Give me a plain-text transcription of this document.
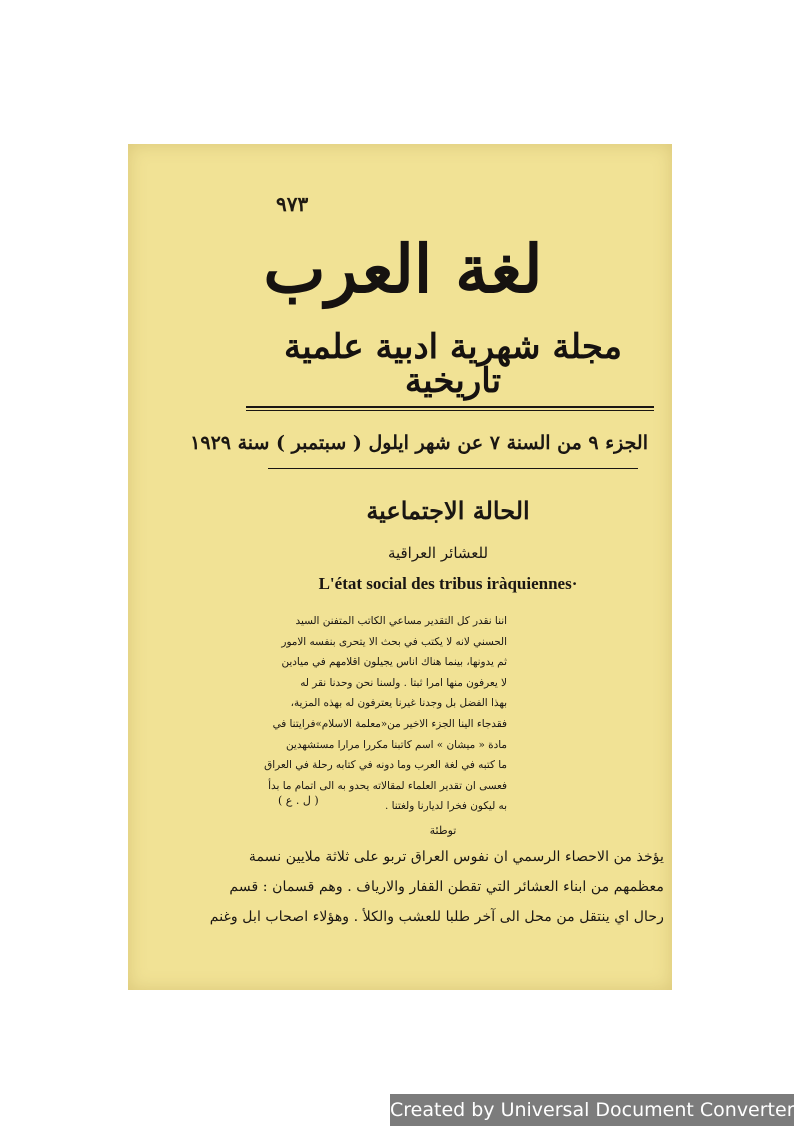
٩٧٣
لغة العرب
مجلة شهرية ادبية علمية تاريخية
الجزء ٩ من السنة ٧ عن شهر ايلول ( سبتمبر ) سنة ١٩٢٩
الحالة الاجتماعية
للعشائر العراقية
L'état social des tribus iràquiennes·

اننا نقدر كل التقدير مساعي الكاتب المتفنن السيد

الحسني لانه لا يكتب في بحث الا يتحرى بنفسه الامور

ثم يدونها، بينما هناك اناس يجيلون اقلامهم في ميادين

لا يعرفون منها امرا ثبتا . ولسنا نحن وحدنا نقر له

بهذا الفضل بل وجدنا غيرنا يعترفون له بهذه المزية،

فقدجاء الينا الجزء الاخير من«معلمة الاسلام»فرايتنا في

مادة « ميشان » اسم كاتبنا مكررا مرارا مستشهدين

ما كتبه في لغة العرب وما دونه في كتابه رحلة في العراق

فعسى ان تقدير العلماء لمقالاته يحدو به الى اتمام ما بدأ

به ليكون فخرا لديارنا ولغتنا .

( ل . ع )
توطئة

يؤخذ من الاحصاء الرسمي ان نفوس العراق تربو على ثلاثة ملايين نسمة

معظمهم من ابناء العشائر التي تقطن القفار والارياف . وهم قسمان : قسم

رحال اي ينتقل من محل الى آخر طلبا للعشب والكلأ . وهؤلاء اصحاب ابل وغنم

Created by Universal Document Converter
